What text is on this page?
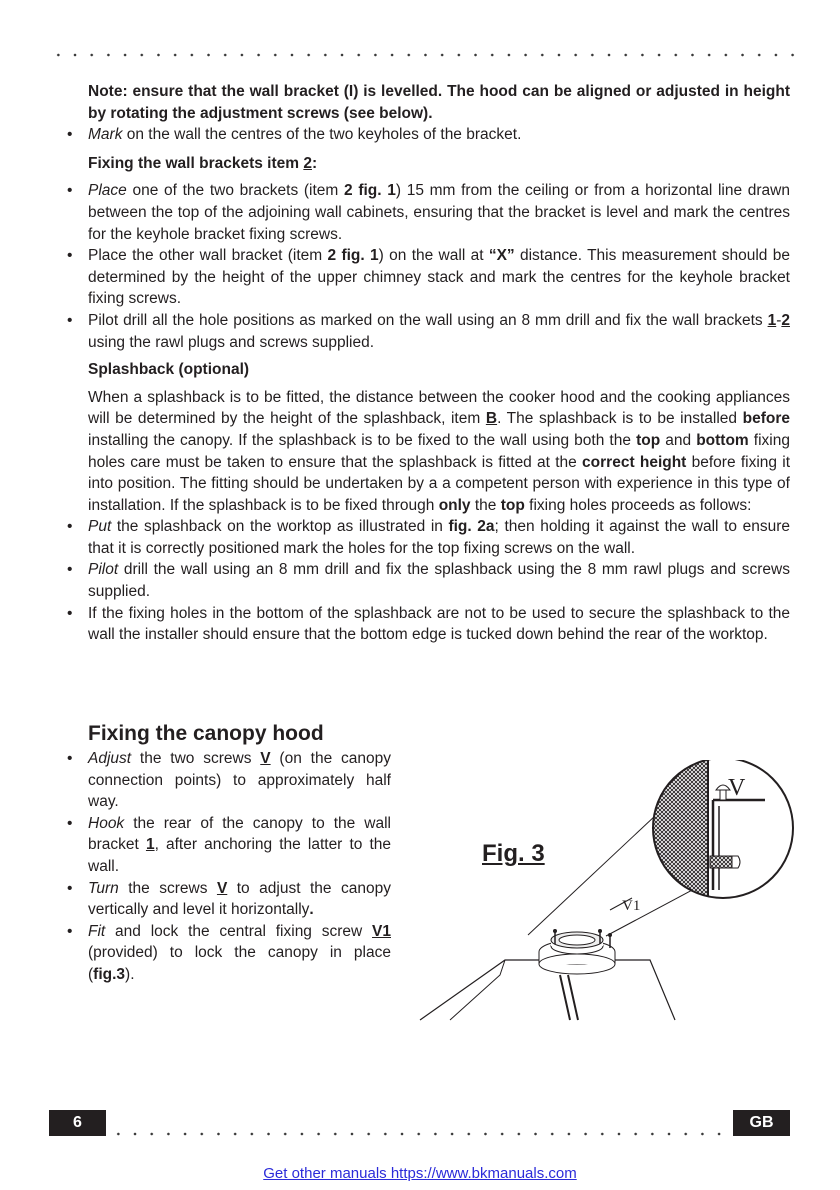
Note: ensure that the wall bracket (I) is levelled. The hood can be aligned or adjusted in height by rotating the adjustment screws (see below).

• Mark on the wall the centres of the two keyholes of the bracket.

Fixing the wall brackets item 2:

• Place one of the two brackets (item 2 fig. 1) 15 mm from the ceiling or from a horizontal line drawn between the top of the adjoining wall cabinets, ensuring that the bracket is level and mark the centres for the keyhole bracket fixing screws.

• Place the other wall bracket (item 2 fig. 1) on the wall at “X” distance. This measurement should be determined by the height of the upper chimney stack and mark the centres for the keyhole bracket fixing screws.

• Pilot drill all the hole positions as marked on the wall using an 8 mm drill and fix the wall brackets 1-2 using the rawl plugs and screws supplied.

Splashback (optional)

When a splashback is to be fitted, the distance between the cooker hood and the cooking appliances will be determined by the height of the splashback, item B. The splashback is to be installed before installing the canopy. If the splashback is to be fixed to the wall using both the top and bottom fixing holes care must be taken to ensure that the splashback is fitted at the correct height before fixing it into position. The fitting should be undertaken by a a competent person with experience in this type of installation. If the splashback is to be fixed through only the top fixing holes proceeds as follows:

• Put the splashback on the worktop as illustrated in fig. 2a; then holding it against the wall to ensure that it is correctly positioned mark the holes for the top fixing screws on the wall.

• Pilot drill the wall using an 8 mm drill and fix the splashback using the 8 mm rawl plugs and screws supplied.

• If the fixing holes in the bottom of the splashback are not to be used to secure the splashback to the wall the installer should ensure that the bottom edge is tucked down behind the rear of the worktop.

Fixing the canopy hood

• Adjust the two screws V (on the canopy connection points) to approximately half way.

• Hook the rear of the canopy to the wall bracket 1, after anchoring the latter to the wall.

• Turn the screws V to adjust the canopy vertically and level it horizontally.

• Fit and lock the central fixing screw V1 (provided) to lock the canopy in place (fig.3).

Fig. 3
V
V1
6	GB
Get other manuals https://www.bkmanuals.com
